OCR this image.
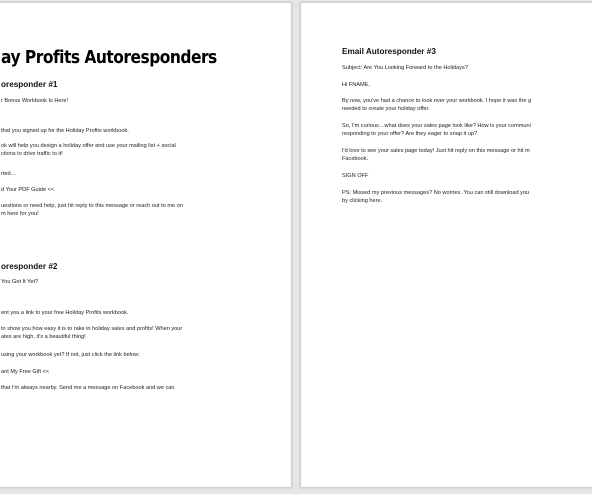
ay Profits Autoresponders
oresponder #1
r Bonus Workbook Is Here!
that you signed up for the Holiday Profits workbook.
ok will help you design a holiday offer and use your mailing list + social
ctions to drive traffic to it!
rted…
d Your PDF Guide <<
uestions or need help, just hit reply to this message or reach out to me on
m here for you!
oresponder #2
You Get It Yet?
ent you a link to your free Holiday Profits workbook.
to show you how easy it is to rake in holiday sales and profits! When your
ates are high, it's a beautiful thing!
using your workbook yet? If not, just click the link below:
ant My Free Gift <<
that I'm always nearby. Send me a message on Facebook and we can
Email Autoresponder #3
Subject: Are You Looking Forward to the Holidays?
Hi FNAME,
By now, you've had a chance to look over your workbook. I hope it was the g
needed to create your holiday offer.
So, I'm curious…what does your sales page look like? How is your communi
responding to your offer? Are they eager to snap it up?
I'd love to see your sales page today! Just hit reply on this message or hit m
Facebook.
SIGN OFF
PS: Missed my previous messages? No worries. You can still download you
by clicking here.
